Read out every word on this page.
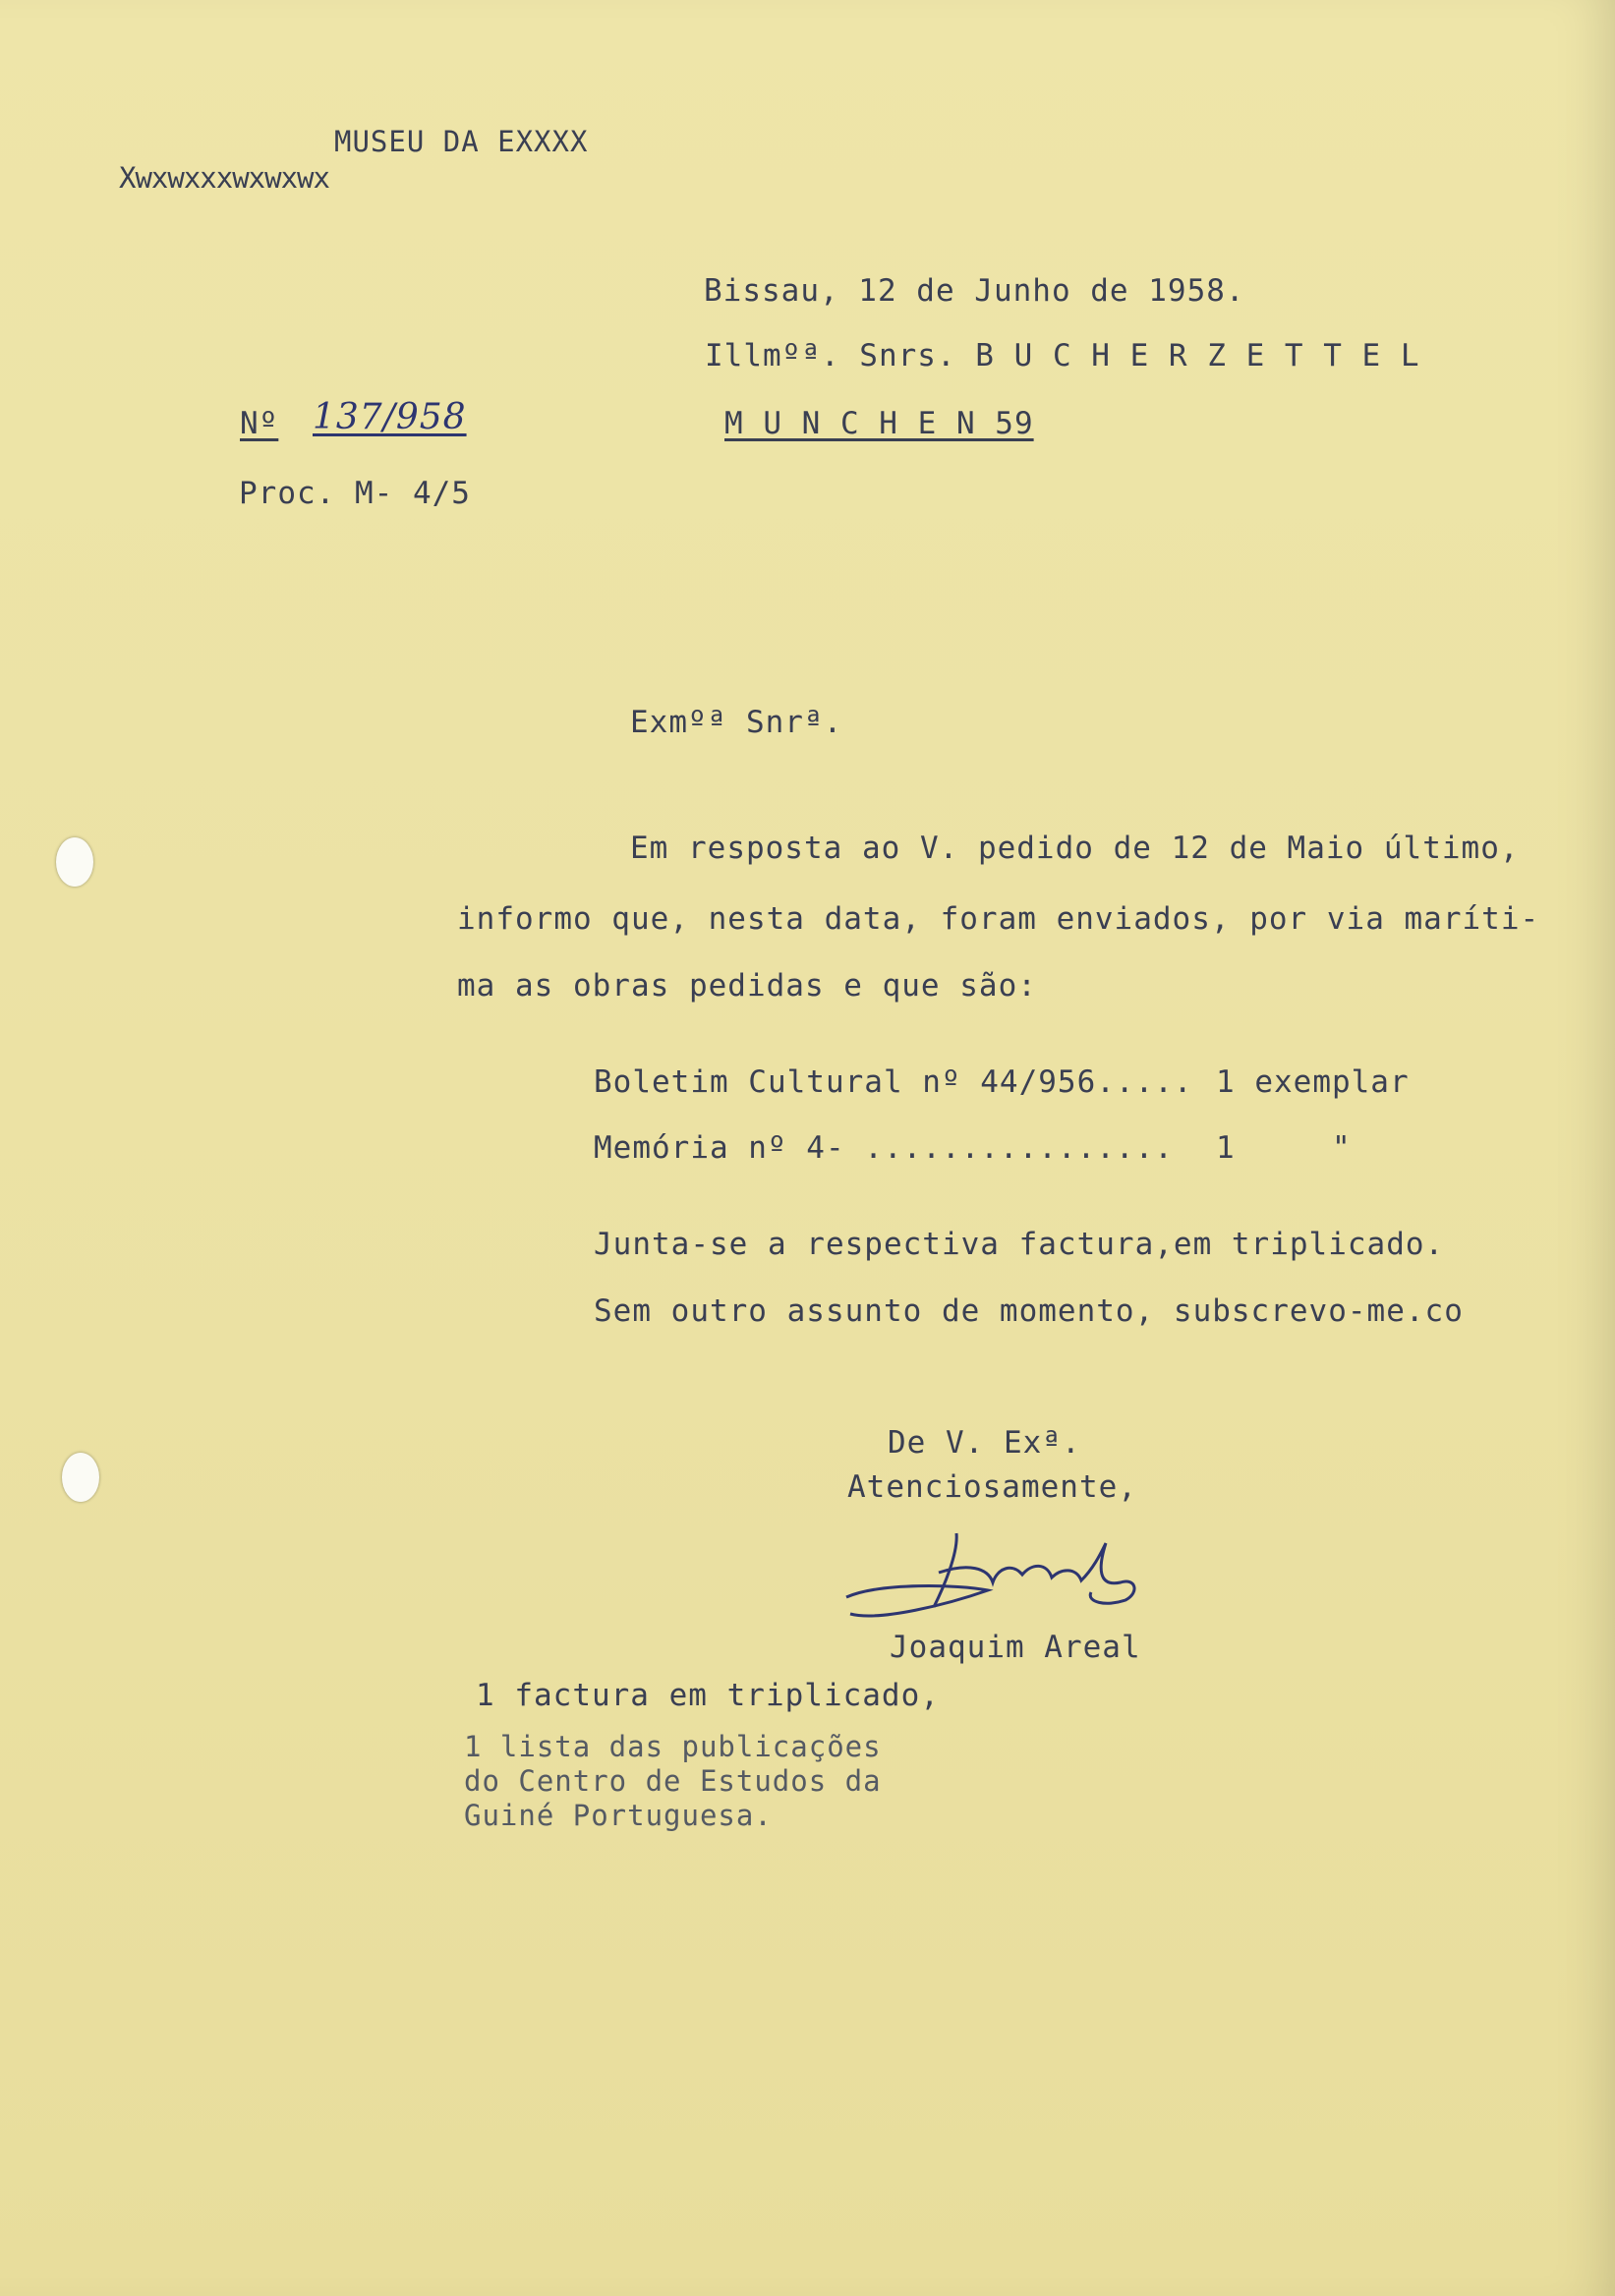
MUSEU DA EXXXX
Xwxwxxxwxwxwx
Bissau, 12 de Junho de 1958.
Illmºª. Snrs. B U C H E R Z E T T E L
M U N C H E N 59
Nº 137/958
Proc. M- 4/5
Exmºª Snrª.
Em resposta ao V. pedido de 12 de Maio último,
informo que, nesta data, foram enviados, por via maríti-
ma as obras pedidas e que são:
Boletim Cultural nº 44/956..... 1 exemplar
Memória nº 4- ................ 1     "
Junta-se a respectiva factura,em triplicado.
Sem outro assunto de momento, subscrevo-me.co
De V. Exª.
Atenciosamente,
Joaquim Areal
1 factura em triplicado,
1 lista das publicações
do Centro de Estudos da
Guiné Portuguesa.
